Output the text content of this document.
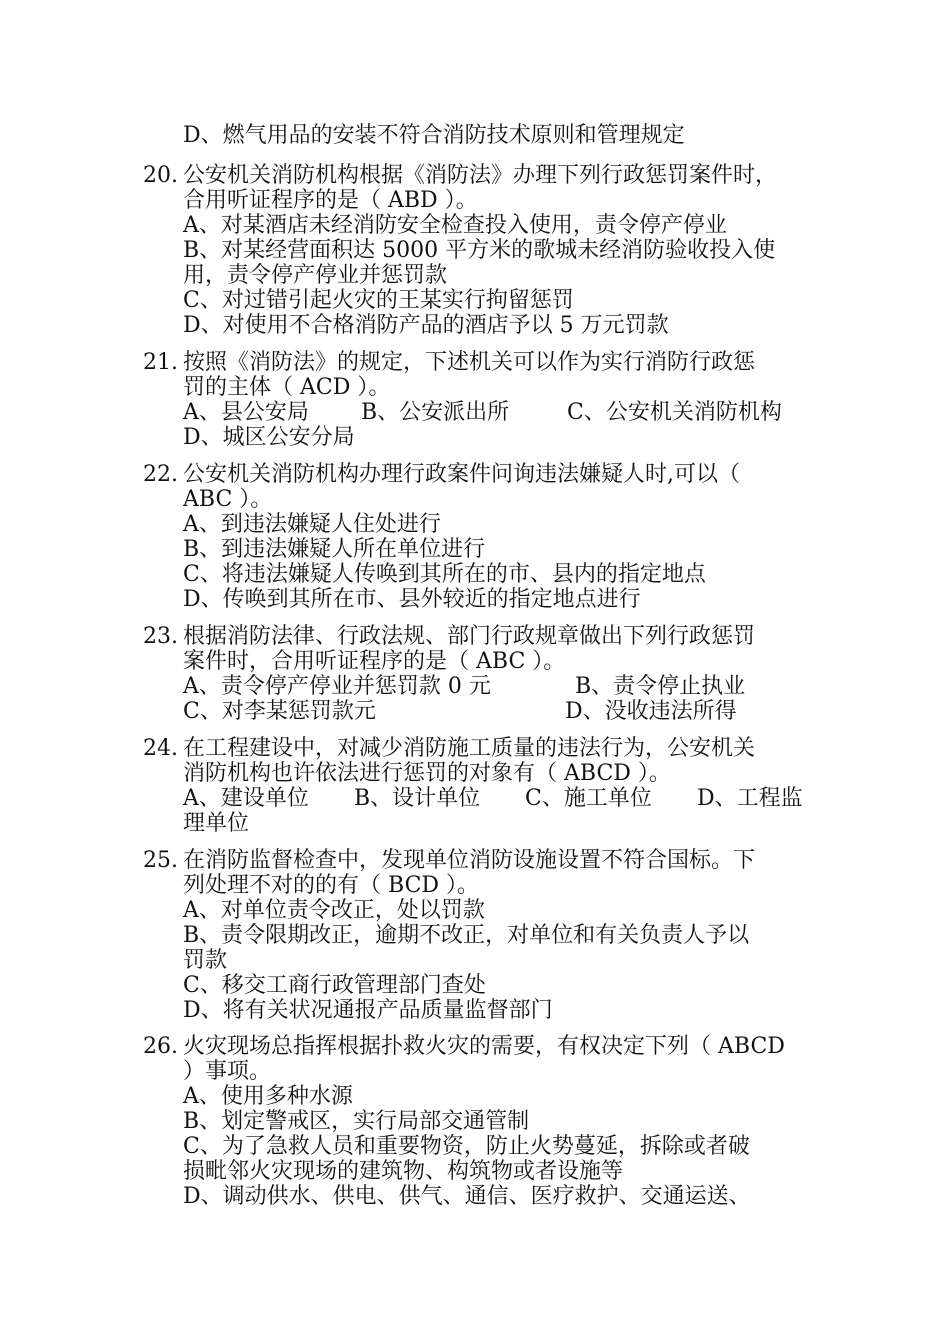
D、燃气用品的安装不符合消防技术原则和管理规定
20. 公安机关消防机构根据《消防法》办理下列行政惩罚案件时，
合用听证程序的是（ ABD ）。
A、对某酒店未经消防安全检查投入使用，责令停产停业
B、对某经营面积达 5000 平方米的歌城未经消防验收投入使
用，责令停产停业并惩罚款
C、对过错引起火灾的王某实行拘留惩罚
D、对使用不合格消防产品的酒店予以 5 万元罚款
21. 按照《消防法》的规定，下述机关可以作为实行消防行政惩
罚的主体（ ACD ）。
A、县公安局 B、公安派出所	C、公安机关消防机构
D、城区公安分局
22. 公安机关消防机构办理行政案件问询违法嫌疑人时,可以（
ABC ）。
A、到违法嫌疑人住处进行
B、到违法嫌疑人所在单位进行
C、将违法嫌疑人传唤到其所在的市、县内的指定地点
D、传唤到其所在市、县外较近的指定地点进行
23. 根据消防法律、行政法规、部门行政规章做出下列行政惩罚
案件时，合用听证程序的是（ ABC ）。
A、责令停产停业并惩罚款 0 元	B、责令停止执业
C、对李某惩罚款元	D、没收违法所得
24. 在工程建设中，对减少消防施工质量的违法行为，公安机关
消防机构也许依法进行惩罚的对象有（ ABCD ）。
A、建设单位 B、设计单位 C、施工单位 D、工程监
理单位
25. 在消防监督检查中，发现单位消防设施设置不符合国标。下
列处理不对的的有（ BCD ）。
A、对单位责令改正，处以罚款
B、责令限期改正，逾期不改正，对单位和有关负责人予以
罚款
C、移交工商行政管理部门查处
D、将有关状况通报产品质量监督部门
26. 火灾现场总指挥根据扑救火灾的需要，有权决定下列（ ABCD
）事项。
A、使用多种水源
B、划定警戒区，实行局部交通管制
C、为了急救人员和重要物资，防止火势蔓延，拆除或者破
损毗邻火灾现场的建筑物、构筑物或者设施等
D、调动供水、供电、供气、通信、医疗救护、交通运送、
